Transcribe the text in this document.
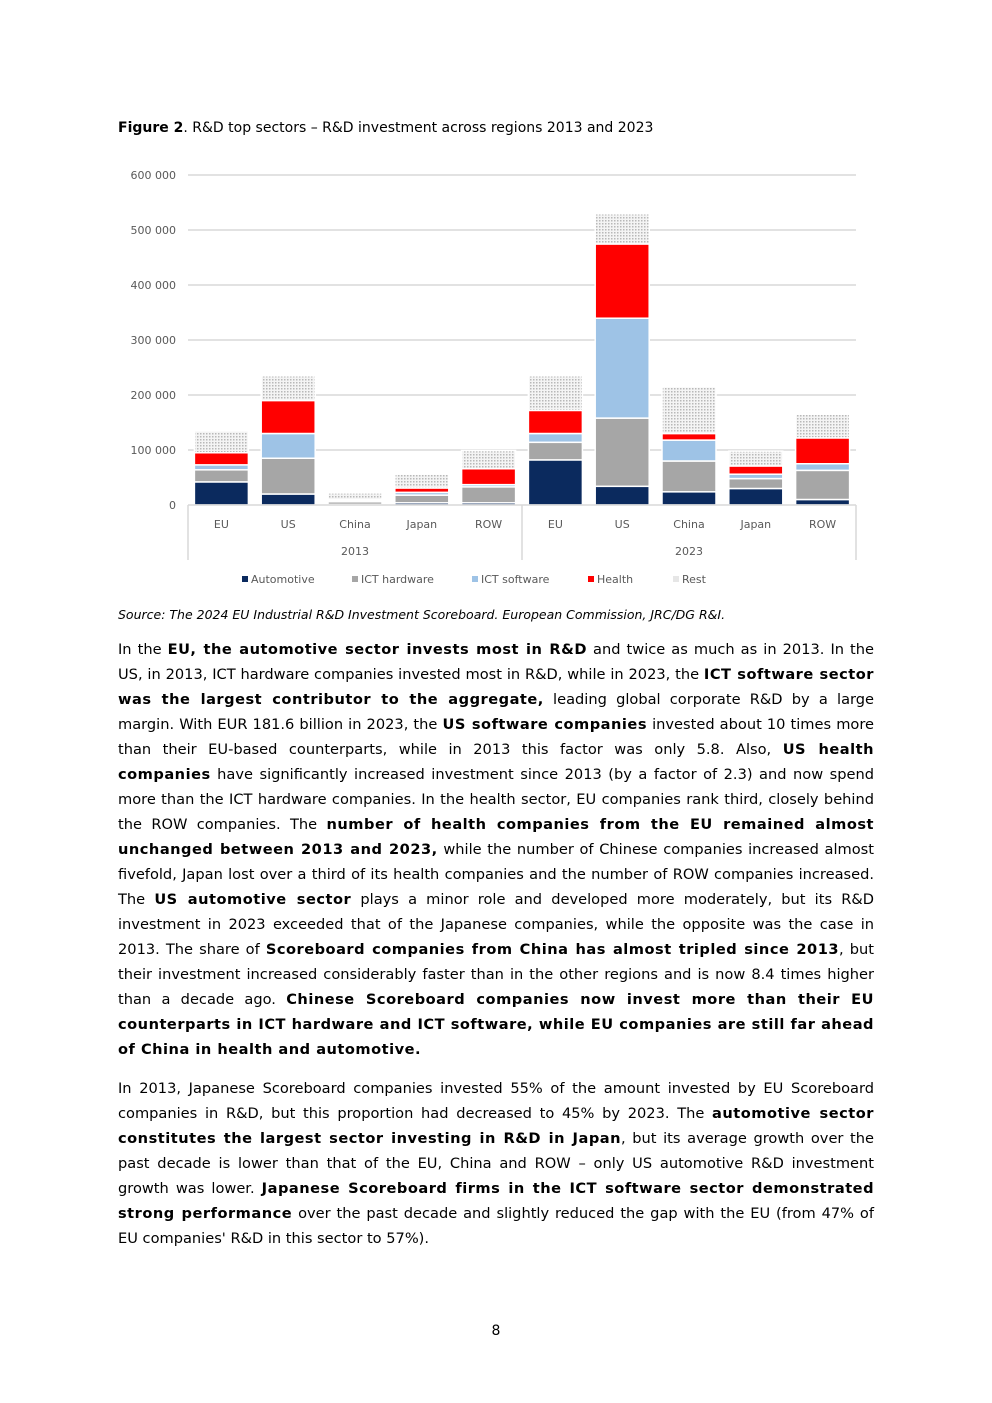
Figure 2. R&D top sectors – R&D investment across regions 2013 and 2023
0
100 000
200 000
300 000
400 000
500 000
600 000
EU	US	China	Japan	ROW	EU	US	China	Japan	ROW
2013	2023
Automotive	ICT hardware	ICT software	Health	Rest
Source: The 2024 EU Industrial R&D Investment Scoreboard. European Commission, JRC/DG R&I.

In the EU, the automotive sector invests most in R&D and twice as much as in 2013. In the US, in 2013, ICT hardware companies invested most in R&D, while in 2023, the ICT software sector was the largest contributor to the aggregate, leading global corporate R&D by a large margin. With EUR 181.6 billion in 2023, the US software companies invested about 10 times more than their EU-based counterparts, while in 2013 this factor was only 5.8. Also, US health companies have significantly increased investment since 2013 (by a factor of 2.3) and now spend more than the ICT hardware companies. In the health sector, EU companies rank third, closely behind the ROW companies. The number of health companies from the EU remained almost unchanged between 2013 and 2023, while the number of Chinese companies increased almost fivefold, Japan lost over a third of its health companies and the number of ROW companies increased. The US automotive sector plays a minor role and developed more moderately, but its R&D investment in 2023 exceeded that of the Japanese companies, while the opposite was the case in 2013. The share of Scoreboard companies from China has almost tripled since 2013, but their investment increased considerably faster than in the other regions and is now 8.4 times higher than a decade ago. Chinese Scoreboard companies now invest more than their EU counterparts in ICT hardware and ICT software, while EU companies are still far ahead of China in health and automotive.

In 2013, Japanese Scoreboard companies invested 55% of the amount invested by EU Scoreboard companies in R&D, but this proportion had decreased to 45% by 2023. The automotive sector constitutes the largest sector investing in R&D in Japan, but its average growth over the past decade is lower than that of the EU, China and ROW – only US automotive R&D investment growth was lower. Japanese Scoreboard firms in the ICT software sector demonstrated strong performance over the past decade and slightly reduced the gap with the EU (from 47% of EU companies' R&D in this sector to 57%).

8
